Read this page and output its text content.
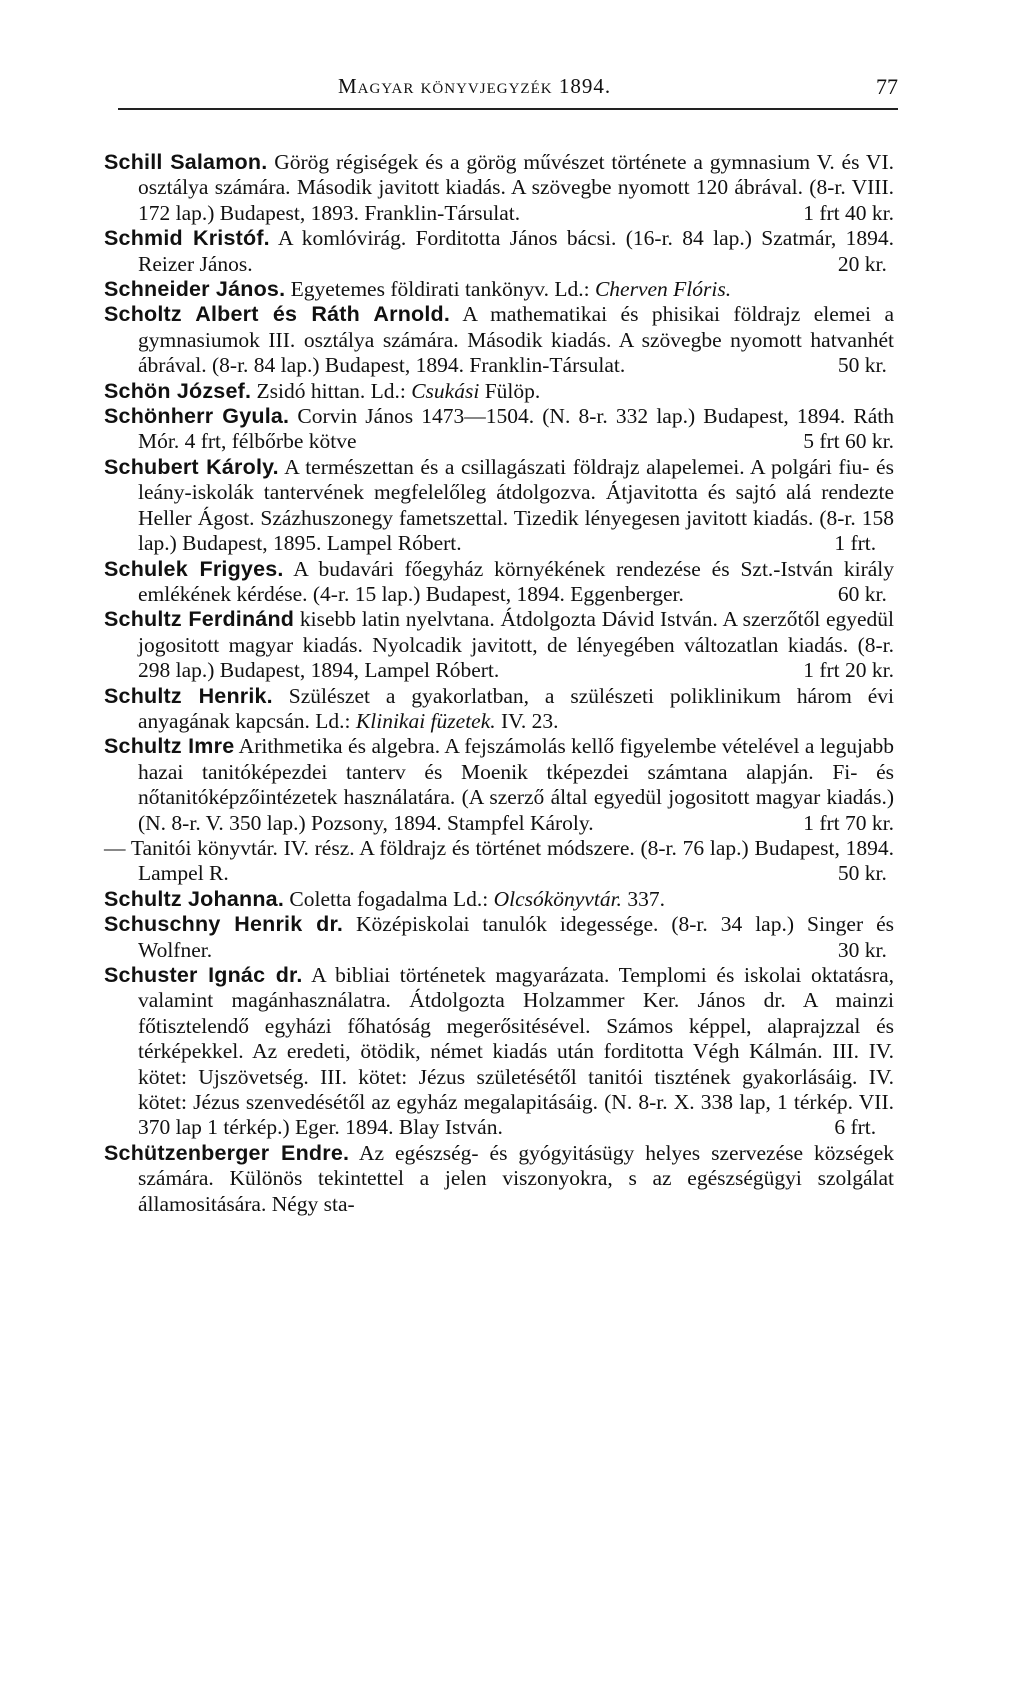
Magyar könyvjegyzék 1894.	77

Schill Salamon. Görög régiségek és a görög művészet története a gymnasium V. és VI. osztálya számára. Második javitott kiadás. A szövegbe nyomott 120 ábrával. (8-r. VIII. 172 lap.) Budapest, 1893. Franklin-Társulat.	1 frt 40 kr.

Schmid Kristóf. A komlóvirág. Forditotta János bácsi. (16-r. 84 lap.) Szatmár, 1894. Reizer János.	20 kr.

Schneider János. Egyetemes földirati tankönyv. Ld.: Cherven Flóris.

Scholtz Albert és Ráth Arnold. A mathematikai és phisikai földrajz elemei a gymnasiumok III. osztálya számára. Második kiadás. A szövegbe nyomott hatvanhét ábrával. (8-r. 84 lap.) Budapest, 1894. Franklin-Társulat.	50 kr.

Schön József. Zsidó hittan. Ld.: Csukási Fülöp.

Schönherr Gyula. Corvin János 1473—1504. (N. 8-r. 332 lap.) Budapest, 1894. Ráth Mór. 4 frt, félbőrbe kötve	5 frt 60 kr.

Schubert Károly. A természettan és a csillagászati földrajz alapelemei. A polgári fiu- és leány-iskolák tantervének megfelelőleg átdolgozva. Átjavitotta és sajtó alá rendezte Heller Ágost. Százhuszonegy fametszettal. Tizedik lényegesen javitott kiadás. (8-r. 158 lap.) Budapest, 1895. Lampel Róbert.	1 frt.

Schulek Frigyes. A budavári főegyház környékének rendezése és Szt.-István király emlékének kérdése. (4-r. 15 lap.) Budapest, 1894. Eggenberger.	60 kr.

Schultz Ferdinánd kisebb latin nyelvtana. Átdolgozta Dávid István. A szerzőtől egyedül jogositott magyar kiadás. Nyolcadik javitott, de lényegében változatlan kiadás. (8-r. 298 lap.) Budapest, 1894, Lampel Róbert.	1 frt 20 kr.

Schultz Henrik. Szülészet a gyakorlatban, a szülészeti poliklinikum három évi anyagának kapcsán. Ld.: Klinikai füzetek. IV. 23.

Schultz Imre Arithmetika és algebra. A fejszámolás kellő figyelembe vételével a legujabb hazai tanitóképezdei tanterv és Moenik tképezdei számtana alapján. Fi- és nőtanitóképzőintézetek használatára. (A szerző által egyedül jogositott magyar kiadás.) (N. 8-r. V. 350 lap.) Pozsony, 1894. Stampfel Károly.	1 frt 70 kr.

— Tanitói könyvtár. IV. rész. A földrajz és történet módszere. (8-r. 76 lap.) Budapest, 1894. Lampel R.	50 kr.

Schultz Johanna. Coletta fogadalma Ld.: Olcsókönyvtár. 337.

Schuschny Henrik dr. Középiskolai tanulók idegessége. (8-r. 34 lap.) Singer és Wolfner.	30 kr.

Schuster Ignác dr. A bibliai történetek magyarázata. Templomi és iskolai oktatásra, valamint magánhasználatra. Átdolgozta Holzammer Ker. János dr. A mainzi főtisztelendő egyházi főhatóság megerősitésével. Számos képpel, alaprajzzal és térképekkel. Az eredeti, ötödik, német kiadás után forditotta Végh Kálmán. III. IV. kötet: Ujszövetség. III. kötet: Jézus születésétől tanitói tisztének gyakorlásáig. IV. kötet: Jézus szenvedésétől az egyház megalapitásáig. (N. 8-r. X. 338 lap, 1 térkép. VII. 370 lap 1 térkép.) Eger. 1894. Blay István.	6 frt.

Schützenberger Endre. Az egészség- és gyógyitásügy helyes szervezése községek számára. Különös tekintettel a jelen viszonyokra, s az egészségügyi szolgálat államositására. Négy sta-
